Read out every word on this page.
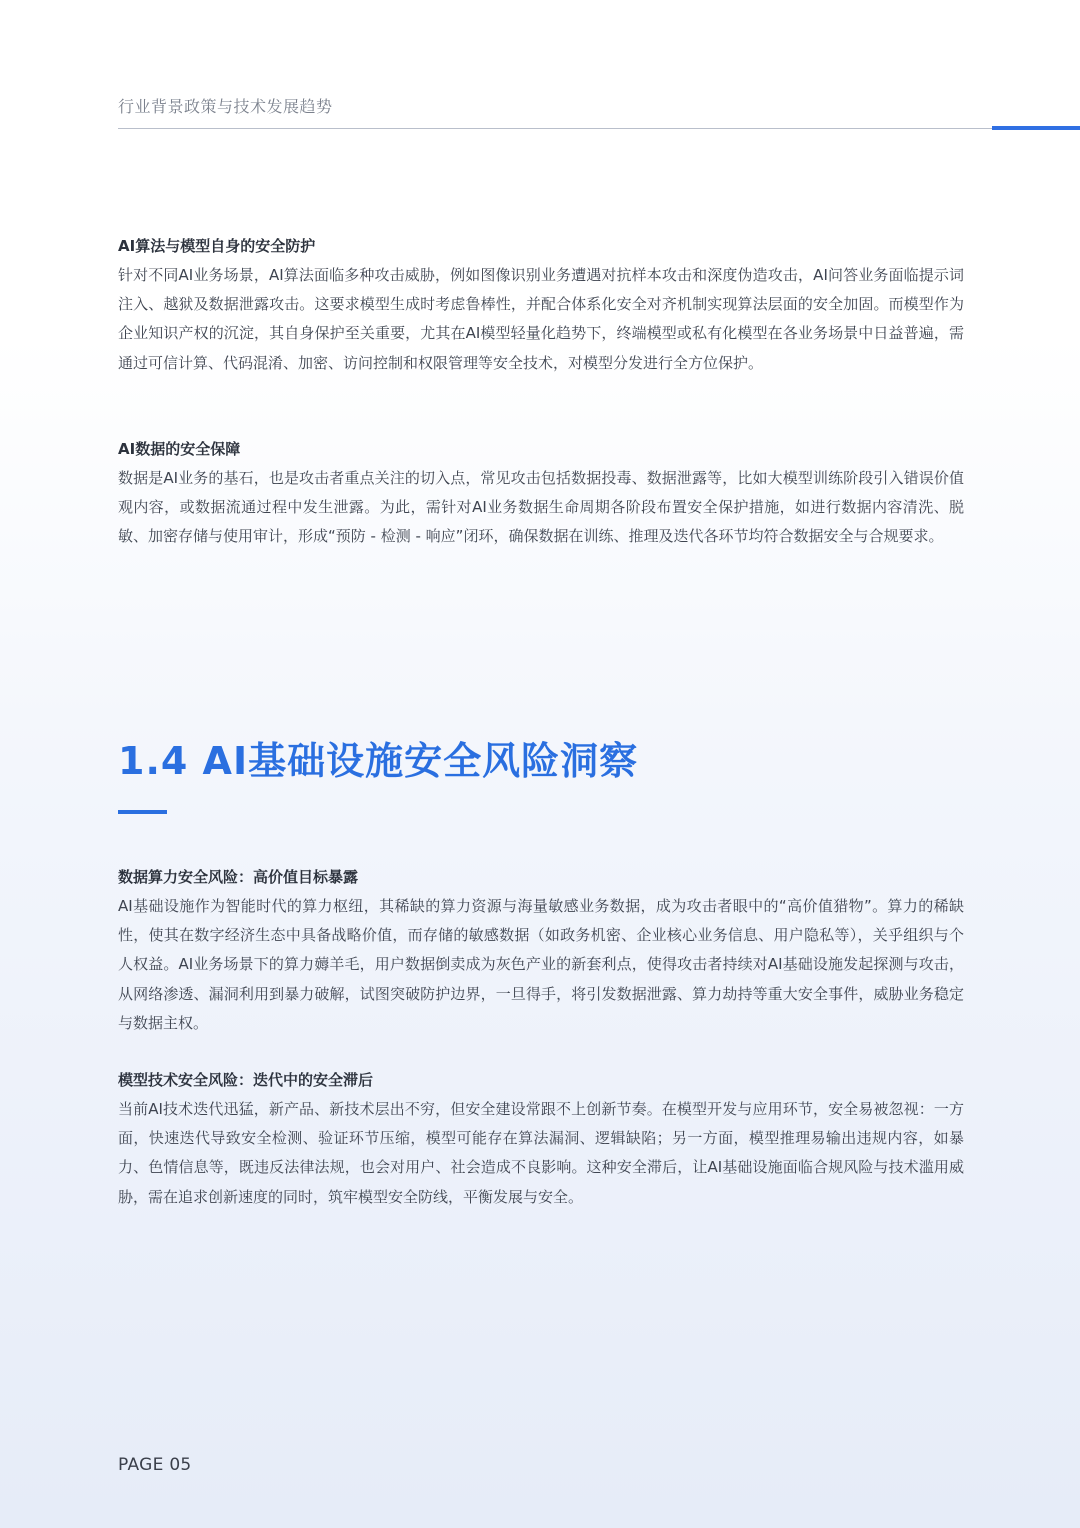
行业背景政策与技术发展趋势

AI算法与模型自身的安全防护

针对不同AI业务场景，AI算法面临多种攻击威胁，例如图像识别业务遭遇对抗样本攻击和深度伪造攻击，AI问答业务面临提示词注入、越狱及数据泄露攻击。这要求模型生成时考虑鲁棒性，并配合体系化安全对齐机制实现算法层面的安全加固。而模型作为企业知识产权的沉淀，其自身保护至关重要，尤其在AI模型轻量化趋势下，终端模型或私有化模型在各业务场景中日益普遍，需通过可信计算、代码混淆、加密、访问控制和权限管理等安全技术，对模型分发进行全方位保护。

AI数据的安全保障

数据是AI业务的基石，也是攻击者重点关注的切入点，常见攻击包括数据投毒、数据泄露等，比如大模型训练阶段引入错误价值观内容，或数据流通过程中发生泄露。为此，需针对AI业务数据生命周期各阶段布置安全保护措施，如进行数据内容清洗、脱敏、加密存储与使用审计，形成“预防 - 检测 - 响应”闭环，确保数据在训练、推理及迭代各环节均符合数据安全与合规要求。

1.4 AI基础设施安全风险洞察

数据算力安全风险：高价值目标暴露

AI基础设施作为智能时代的算力枢纽，其稀缺的算力资源与海量敏感业务数据，成为攻击者眼中的“高价值猎物”。算力的稀缺性，使其在数字经济生态中具备战略价值，而存储的敏感数据（如政务机密、企业核心业务信息、用户隐私等），关乎组织与个人权益。AI业务场景下的算力薅羊毛，用户数据倒卖成为灰色产业的新套利点，使得攻击者持续对AI基础设施发起探测与攻击，从网络渗透、漏洞利用到暴力破解，试图突破防护边界，一旦得手，将引发数据泄露、算力劫持等重大安全事件，威胁业务稳定与数据主权。

模型技术安全风险：迭代中的安全滞后

当前AI技术迭代迅猛，新产品、新技术层出不穷，但安全建设常跟不上创新节奏。在模型开发与应用环节，安全易被忽视：一方面，快速迭代导致安全检测、验证环节压缩，模型可能存在算法漏洞、逻辑缺陷；另一方面，模型推理易输出违规内容，如暴力、色情信息等，既违反法律法规，也会对用户、社会造成不良影响。这种安全滞后，让AI基础设施面临合规风险与技术滥用威胁，需在追求创新速度的同时，筑牢模型安全防线，平衡发展与安全。

PAGE 05
